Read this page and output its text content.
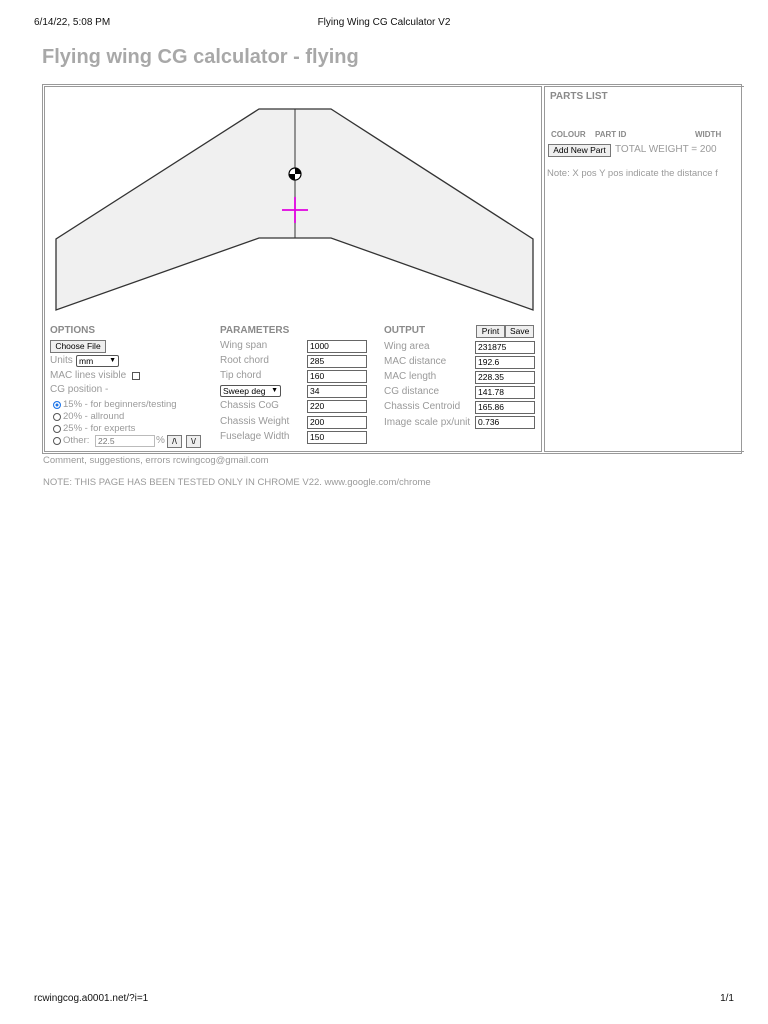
6/14/22, 5:08 PM	Flying Wing CG Calculator V2
Flying wing CG calculator - flying
OPTIONS
Choose File
Units mm ▼
MAC lines visible
CG position -
15% - for beginners/testing
20% - allround
25% - for experts
Other:	22.5	% /\	\/
PARAMETERS
Wing span	1000
Root chord	285
Tip chord	160
Sweep deg ▼	34
Chassis CoG	220
Chassis Weight	200
Fuselage Width	150
OUTPUT	Print	Save
Wing area	231875
MAC distance	192.6
MAC length	228.35
CG distance	141.78
Chassis Centroid	165.86
Image scale px/unit 0.736
PARTS LIST
COLOUR PART ID	WIDTH
Add New Part TOTAL WEIGHT = 200
Note: X pos Y pos indicate the distance f
Comment, suggestions, errors rcwingcog@gmail.com
NOTE: THIS PAGE HAS BEEN TESTED ONLY IN CHROME V22. www.google.com/chrome
rcwingcog.a0001.net/?i=1	1/1
